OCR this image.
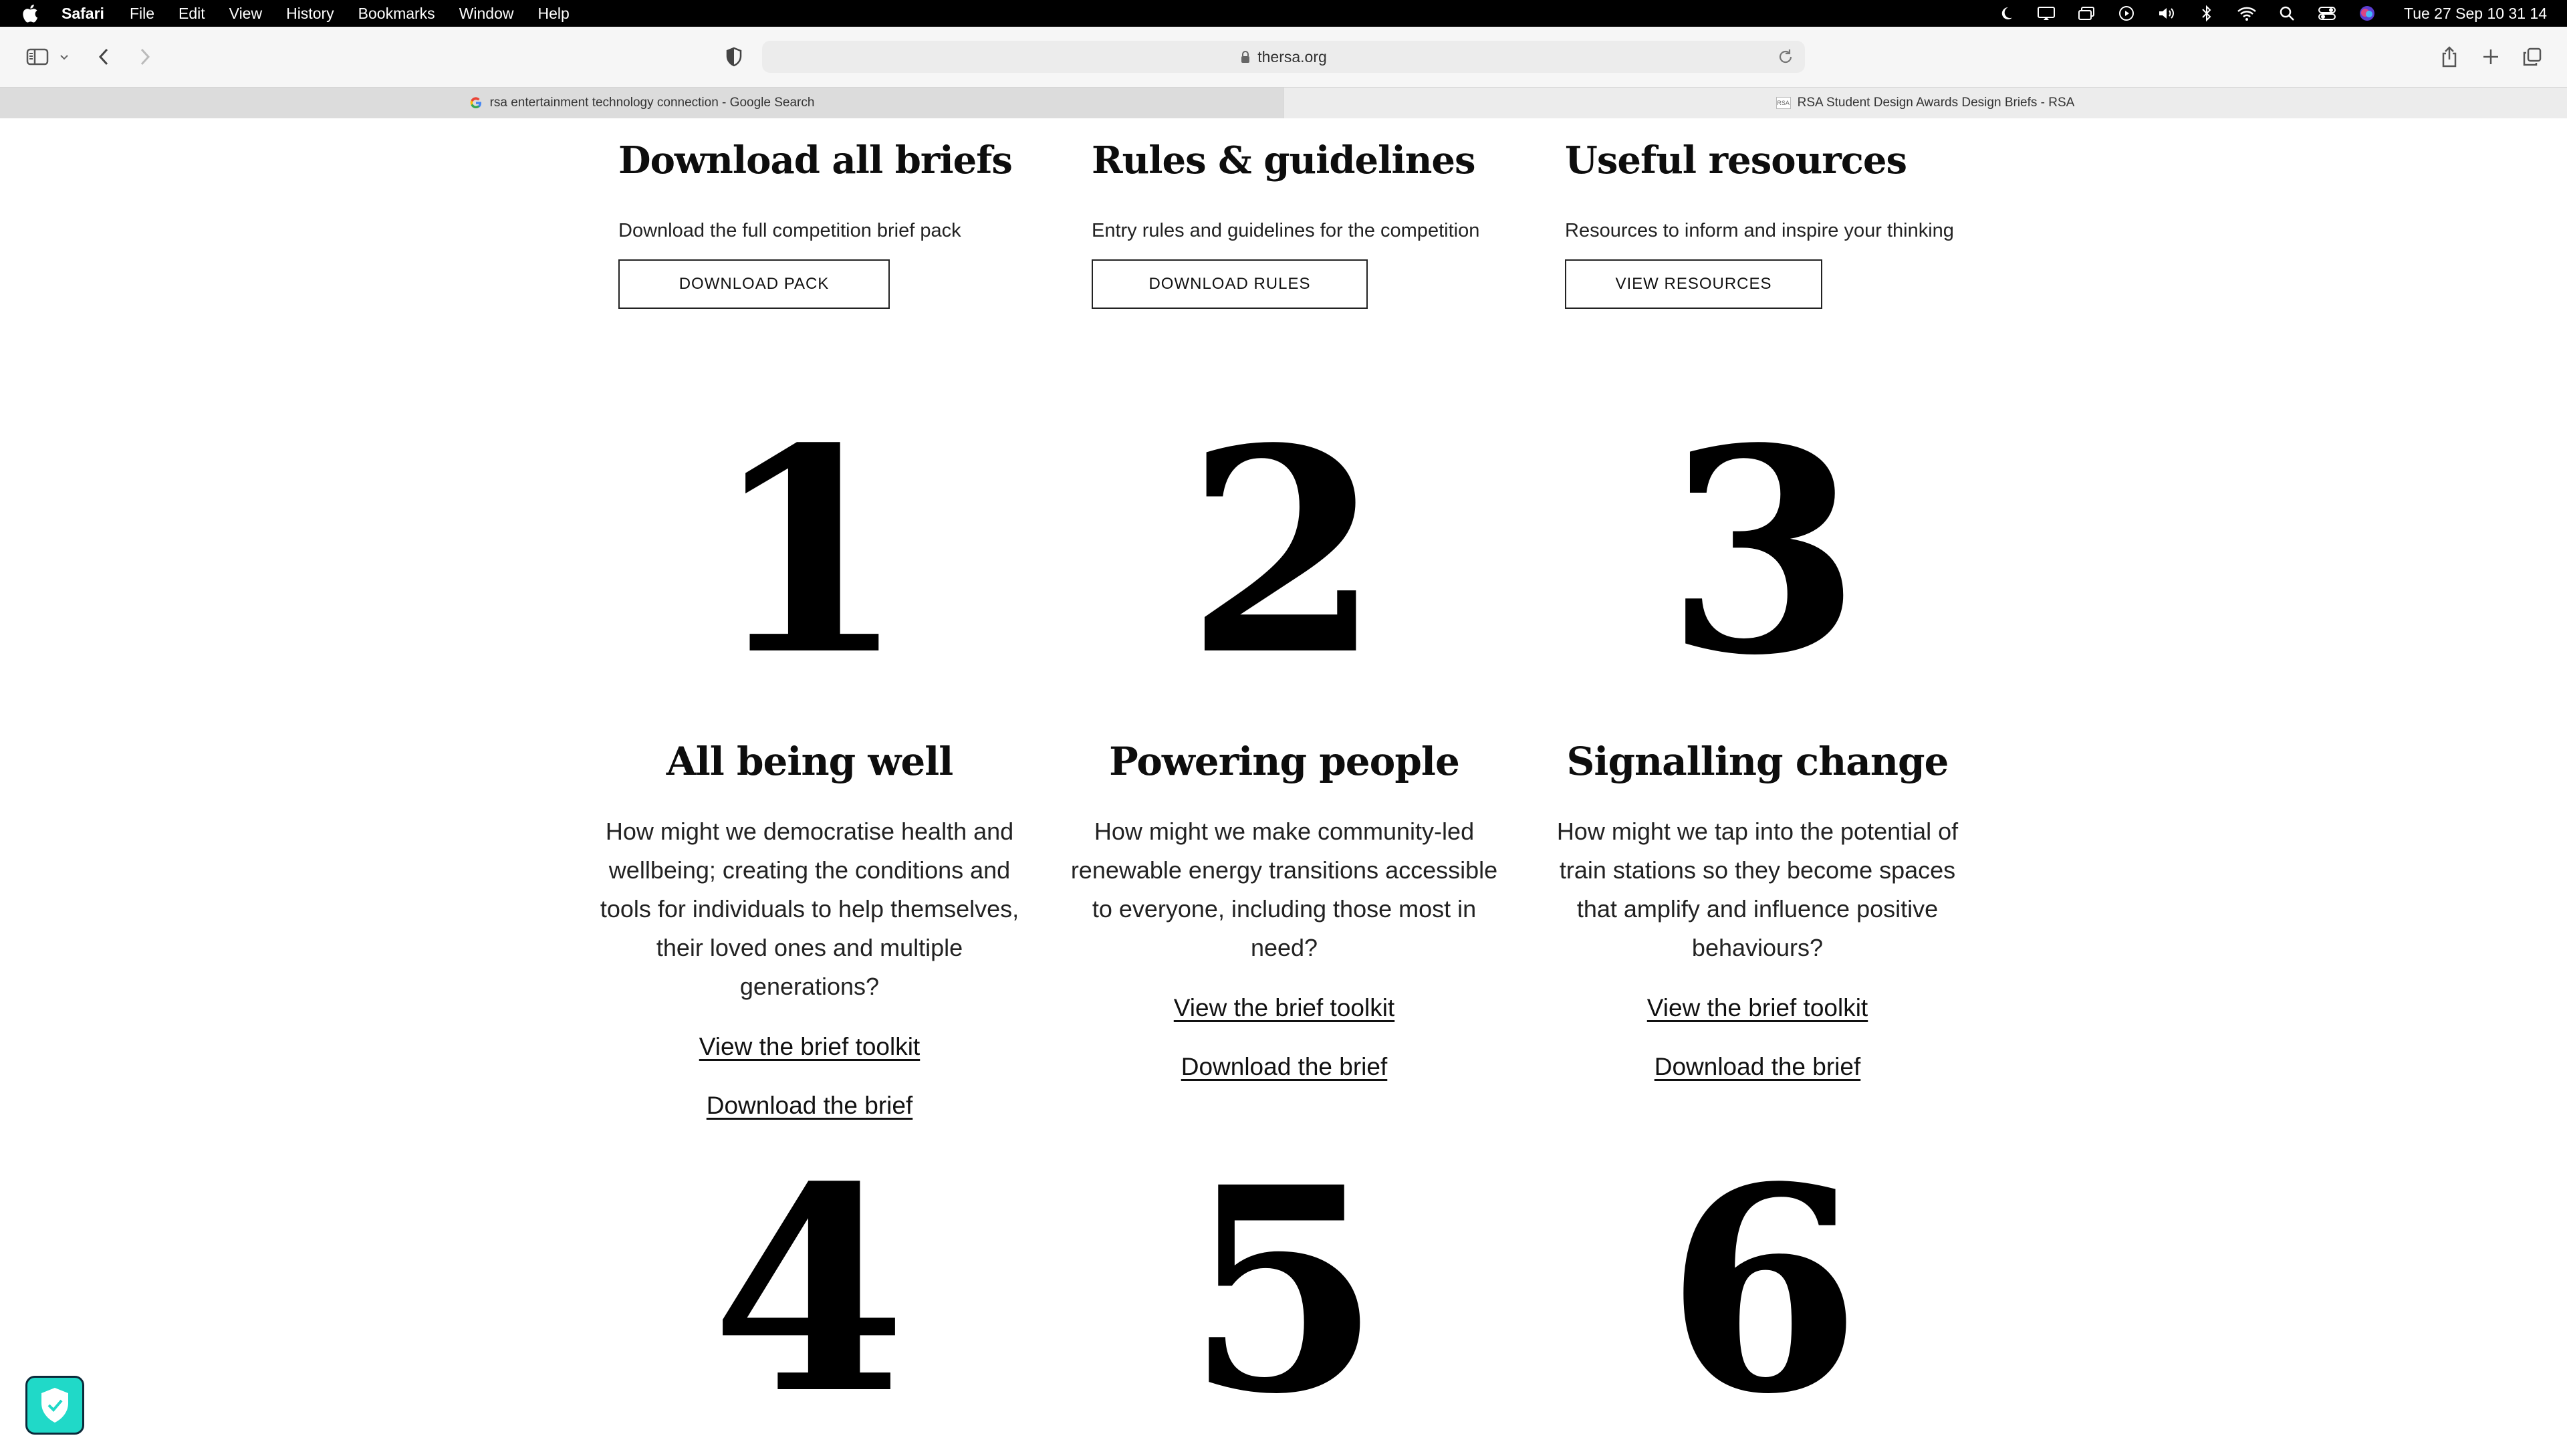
Safari File Edit View History Bookmarks Window Help	Tue 27 Sep 10 31 14
thersa.org
rsa entertainment technology connection - Google Search	RSA RSA Student Design Awards Design Briefs - RSA
Download all briefs
Download the full competition brief pack
DOWNLOAD PACK
Rules & guidelines
Entry rules and guidelines for the competition
DOWNLOAD RULES
Useful resources
Resources to inform and inspire your thinking
VIEW RESOURCES
1 2 3
All being well
How might we democratise health and wellbeing; creating the conditions and tools for individuals to help themselves, their loved ones and multiple generations?
View the brief toolkit
Download the brief
Powering people
How might we make community-led renewable energy transitions accessible to everyone, including those most in need?
View the brief toolkit
Download the brief
Signalling change
How might we tap into the potential of train stations so they become spaces that amplify and influence positive behaviours?
View the brief toolkit
Download the brief
4 5 6
